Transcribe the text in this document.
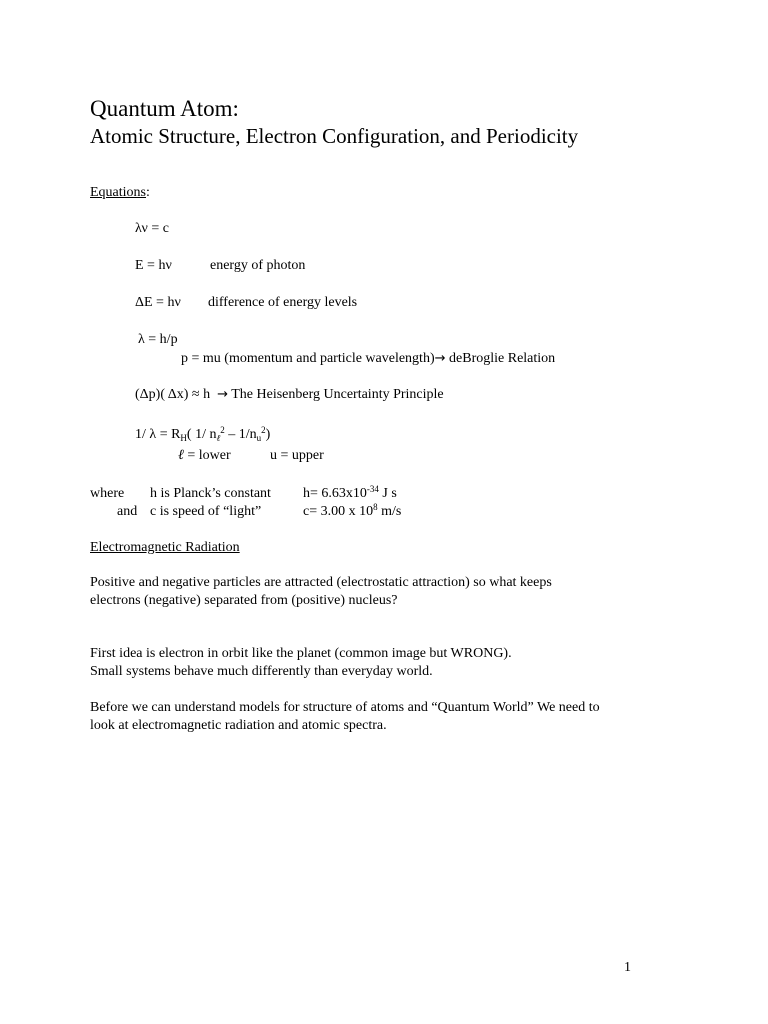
Quantum Atom:
Atomic Structure, Electron Configuration, and Periodicity
Equations:
λν = c
E = hν	energy of photon
ΔE = hν difference of energy levels
λ = h/p
p = mu (momentum and particle wavelength)→ deBroglie Relation
(Δp)( Δx) ≈ h → The Heisenberg Uncertainty Principle
1/ $\lambda = R_H$( 1/ $n_\ell^2 - 1/n_u^2$)
ℓ = lower	u = upper
where h is Planck’s constant $h= 6.63x10^{-34}$ J s
and c is speed of “light”	c= 3.00 x $10^8$ m/s
Electromagnetic Radiation
Positive and negative particles are attracted (electrostatic attraction) so what keeps
electrons (negative) separated from (positive) nucleus?
First idea is electron in orbit like the planet (common image but WRONG).
Small systems behave much differently than everyday world.
Before we can understand models for structure of atoms and “Quantum World” We need to
look at electromagnetic radiation and atomic spectra.
1
